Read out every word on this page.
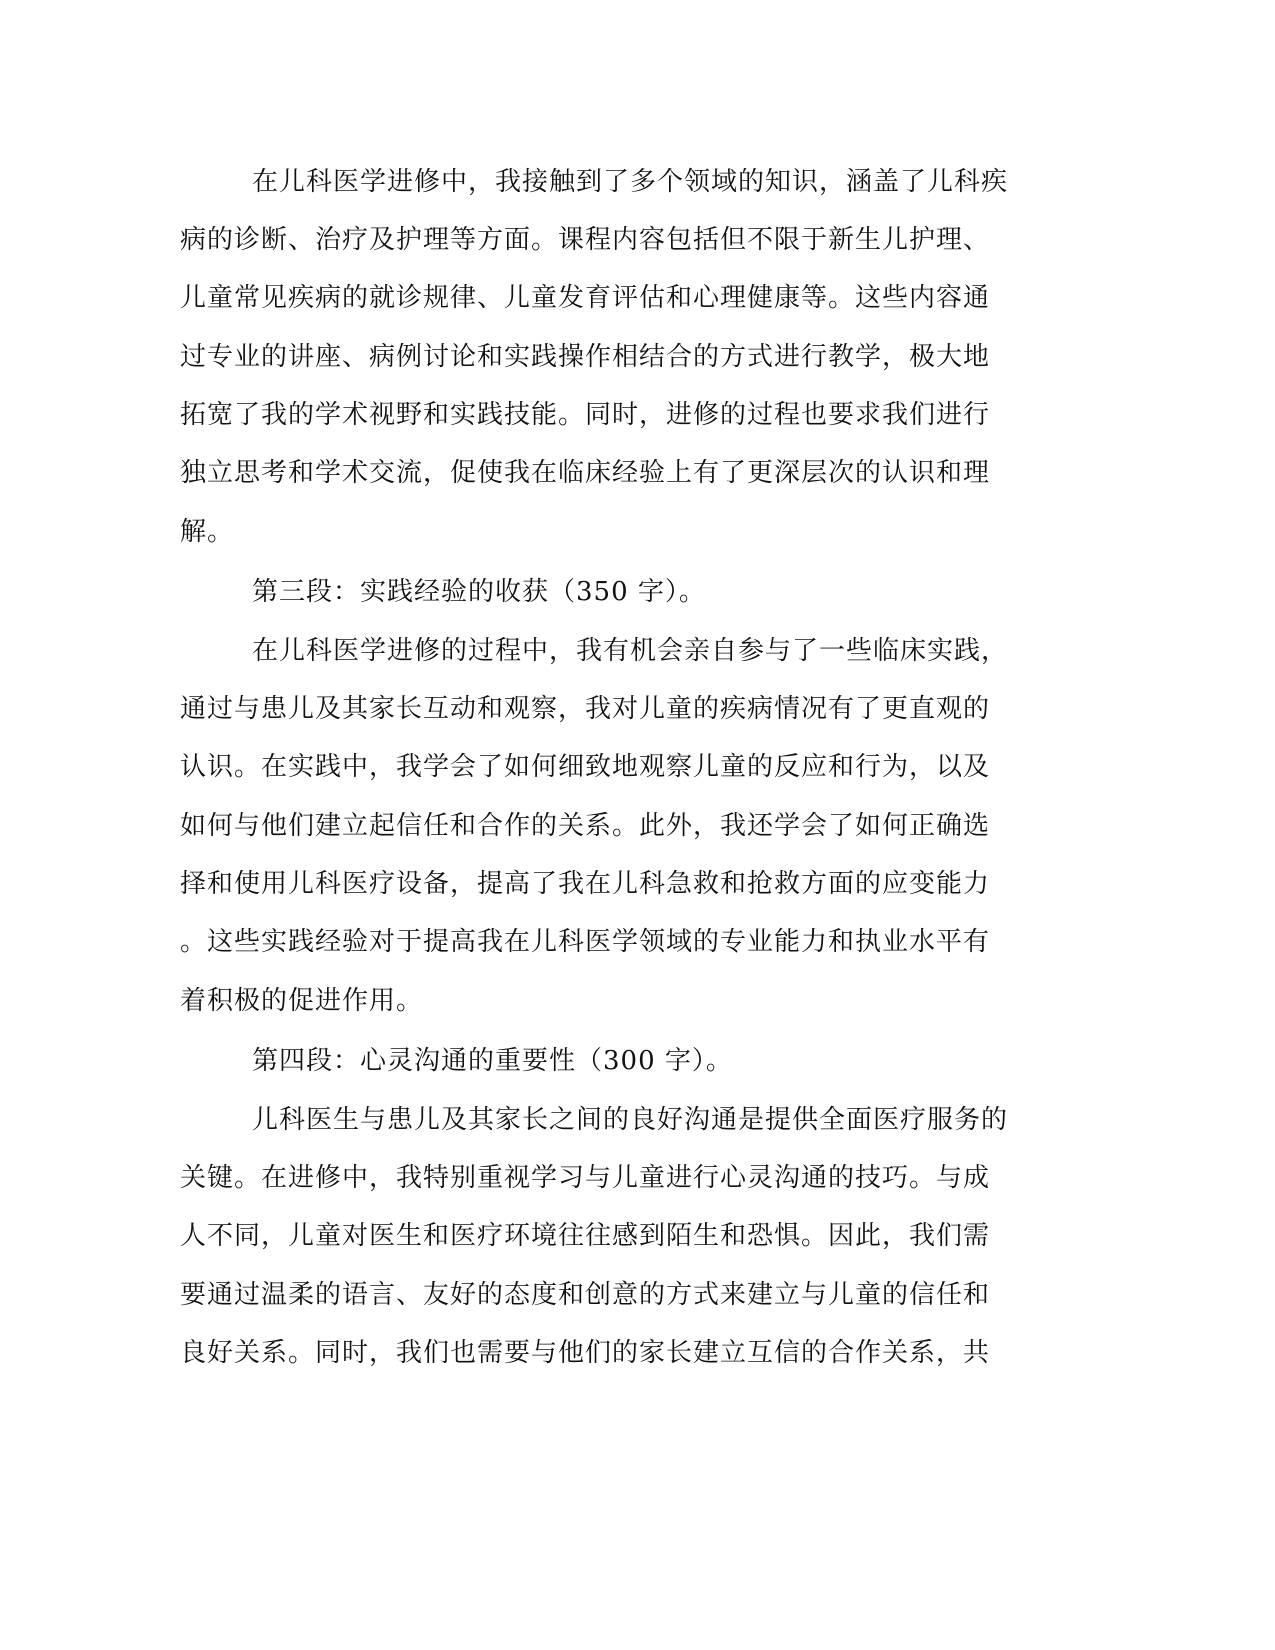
在儿科医学进修中，我接触到了多个领域的知识，涵盖了儿科疾
病的诊断、治疗及护理等方面。课程内容包括但不限于新生儿护理、
儿童常见疾病的就诊规律、儿童发育评估和心理健康等。这些内容通
过专业的讲座、病例讨论和实践操作相结合的方式进行教学，极大地
拓宽了我的学术视野和实践技能。同时，进修的过程也要求我们进行
独立思考和学术交流，促使我在临床经验上有了更深层次的认识和理
解。
第三段：实践经验的收获（350 字）。
在儿科医学进修的过程中，我有机会亲自参与了一些临床实践，
通过与患儿及其家长互动和观察，我对儿童的疾病情况有了更直观的
认识。在实践中，我学会了如何细致地观察儿童的反应和行为，以及
如何与他们建立起信任和合作的关系。此外，我还学会了如何正确选
择和使用儿科医疗设备，提高了我在儿科急救和抢救方面的应变能力
。这些实践经验对于提高我在儿科医学领域的专业能力和执业水平有
着积极的促进作用。
第四段：心灵沟通的重要性（300 字）。
儿科医生与患儿及其家长之间的良好沟通是提供全面医疗服务的
关键。在进修中，我特别重视学习与儿童进行心灵沟通的技巧。与成
人不同，儿童对医生和医疗环境往往感到陌生和恐惧。因此，我们需
要通过温柔的语言、友好的态度和创意的方式来建立与儿童的信任和
良好关系。同时，我们也需要与他们的家长建立互信的合作关系，共
